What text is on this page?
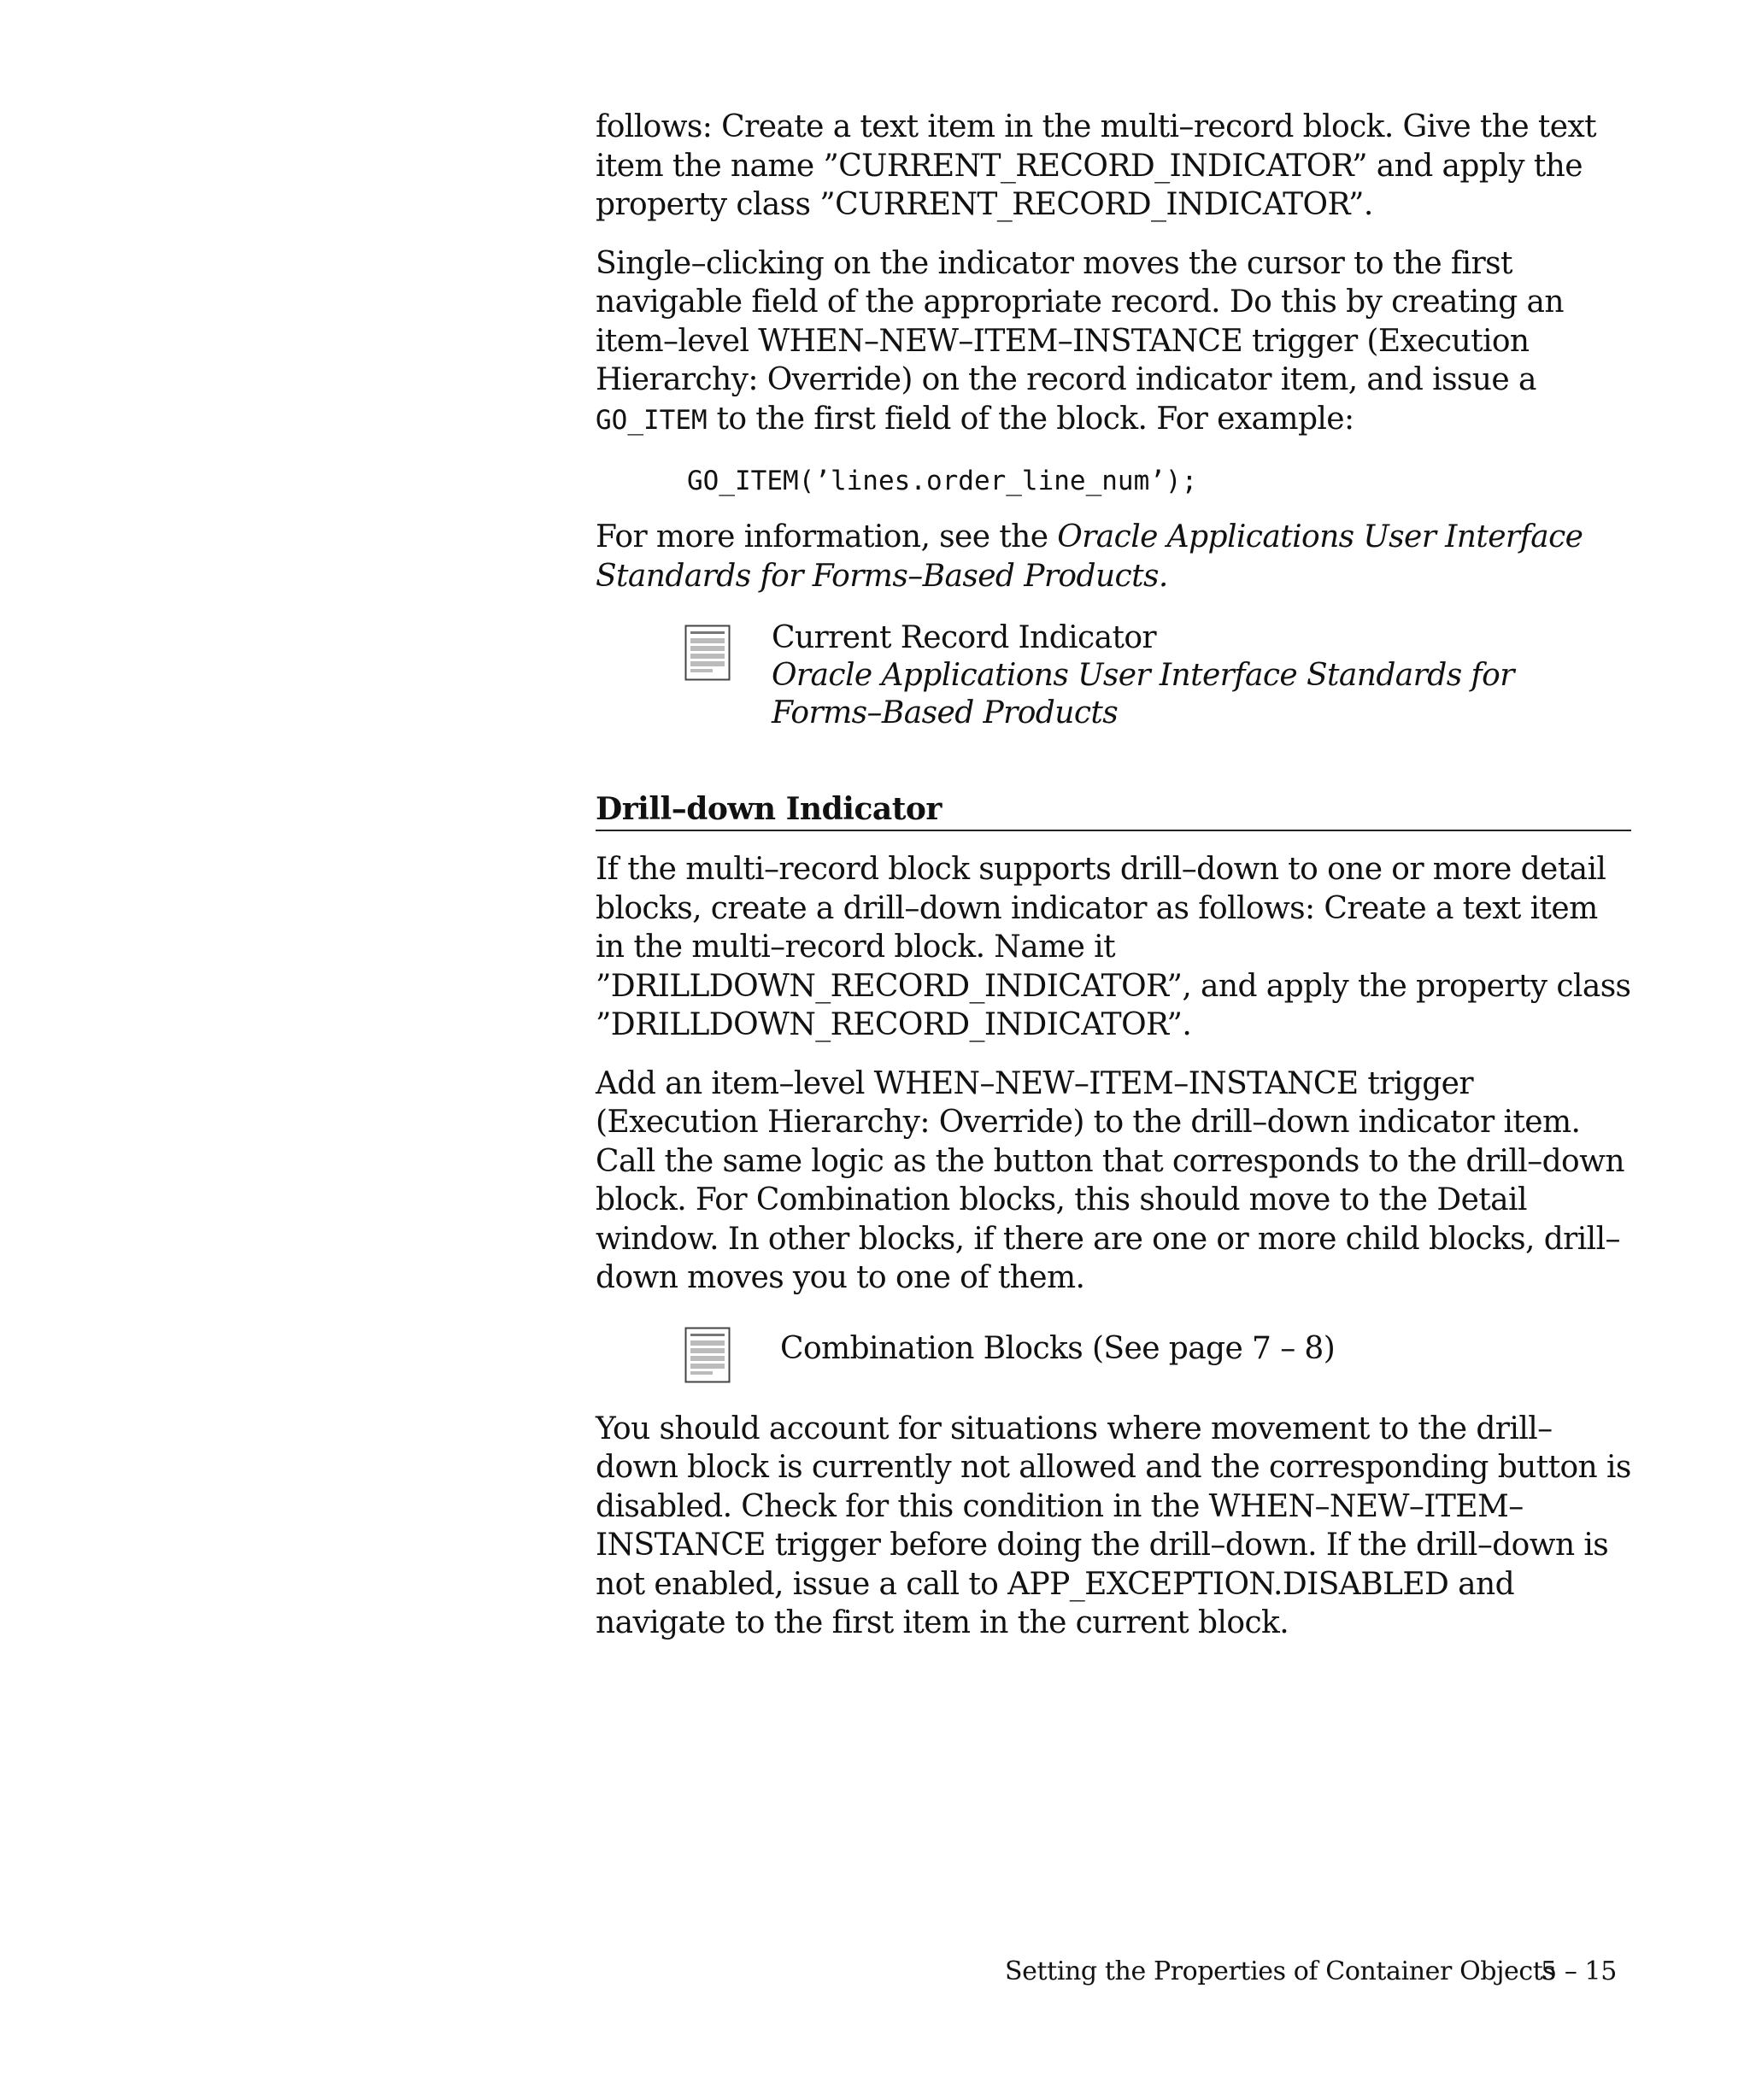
follows: Create a text item in the multi–record block. Give the text item the name ”CURRENT_RECORD_INDICATOR” and apply the property class ”CURRENT_RECORD_INDICATOR”.

Single–clicking on the indicator moves the cursor to the first navigable field of the appropriate record. Do this by creating an item–level WHEN–NEW–ITEM–INSTANCE trigger (Execution Hierarchy: Override) on the record indicator item, and issue a GO_ITEM to the first field of the block. For example:

GO_ITEM(’lines.order_line_num’);

For more information, see the Oracle Applications User Interface Standards for Forms–Based Products.

Current Record Indicator
Oracle Applications User Interface Standards for Forms–Based Products
Drill–down Indicator

If the multi–record block supports drill–down to one or more detail blocks, create a drill–down indicator as follows: Create a text item in the multi–record block. Name it ”DRILLDOWN_RECORD_INDICATOR”, and apply the property class ”DRILLDOWN_RECORD_INDICATOR”.

Add an item–level WHEN–NEW–ITEM–INSTANCE trigger (Execution Hierarchy: Override) to the drill–down indicator item. Call the same logic as the button that corresponds to the drill–down block. For Combination blocks, this should move to the Detail window. In other blocks, if there are one or more child blocks, drill–down moves you to one of them.

Combination Blocks (See page 7 – 8)

You should account for situations where movement to the drill–down block is currently not allowed and the corresponding button is disabled. Check for this condition in the WHEN–NEW–ITEM–INSTANCE trigger before doing the drill–down. If the drill–down is not enabled, issue a call to APP_EXCEPTION.DISABLED and navigate to the first item in the current block.

Setting the Properties of Container Objects
5 – 15
